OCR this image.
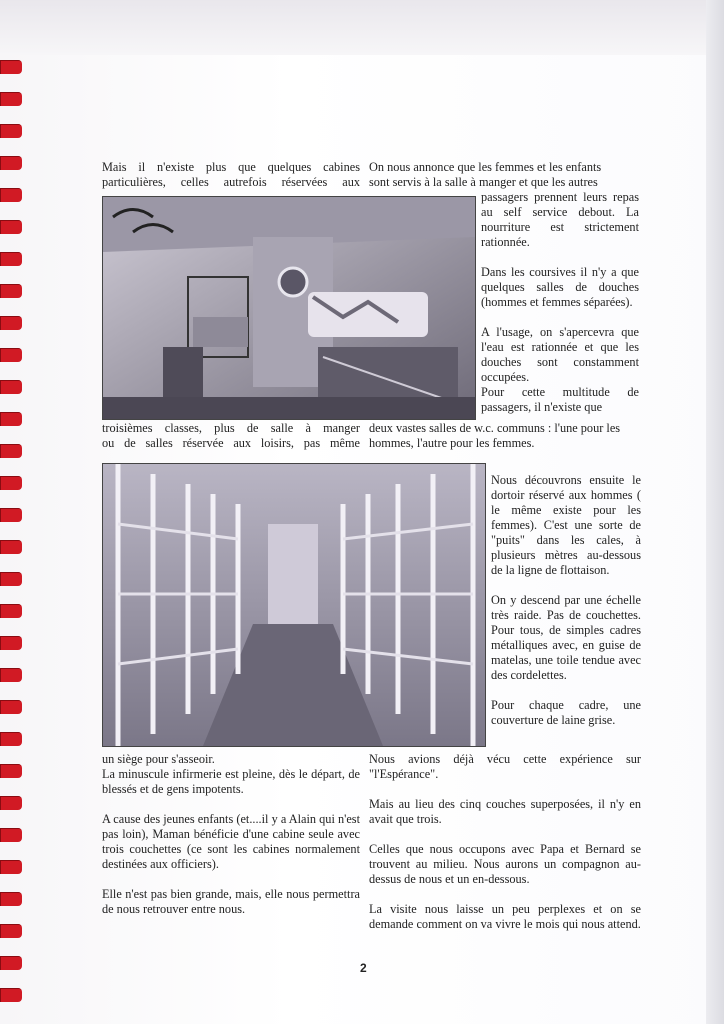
Mais il n'existe plus que quelques cabines

particulières, celles autrefois réservées aux

troisièmes classes, plus de salle à manger

ou de salles réservée aux loisirs, pas même

On nous annonce que les femmes et les enfants

sont servis à la salle à manger et que les autres

passagers prennent leurs repas au self service debout. La nourriture est strictement rationnée.

Dans les coursives il n'y a que quelques salles de douches (hommes et femmes séparées).

A l'usage, on s'apercevra que l'eau est rationnée et que les douches sont constamment occupées.

Pour cette multitude de passagers, il n'existe que

deux vastes salles de w.c. communs : l'une pour les hommes, l'autre pour les femmes.

Nous découvrons ensuite le dortoir réservé aux hommes ( le même existe pour les femmes). C'est une sorte de "puits" dans les cales, à plusieurs mètres au-dessous de la ligne de flottaison.

On y descend par une échelle très raide. Pas de couchettes. Pour tous, de simples cadres métalliques avec, en guise de matelas, une toile tendue avec des cordelettes.

Pour chaque cadre, une couverture de laine grise.

un siège pour s'asseoir.

La minuscule infirmerie est pleine, dès le départ, de blessés et de gens impotents.

A cause des jeunes enfants (et....il y a Alain qui n'est pas loin), Maman bénéficie d'une cabine seule avec trois couchettes (ce sont les cabines normalement destinées aux officiers).

Elle n'est pas bien grande, mais, elle nous permettra de nous retrouver entre nous.

Nous avions déjà vécu cette expérience sur "l'Espérance".

Mais au lieu des cinq couches superposées, il n'y en avait que trois.

Celles que nous occupons avec Papa et Bernard se trouvent au milieu. Nous aurons un compagnon au-dessus de nous et un en-dessous.

La visite nous laisse un peu perplexes et on se demande comment on va vivre le mois qui nous attend.

2
